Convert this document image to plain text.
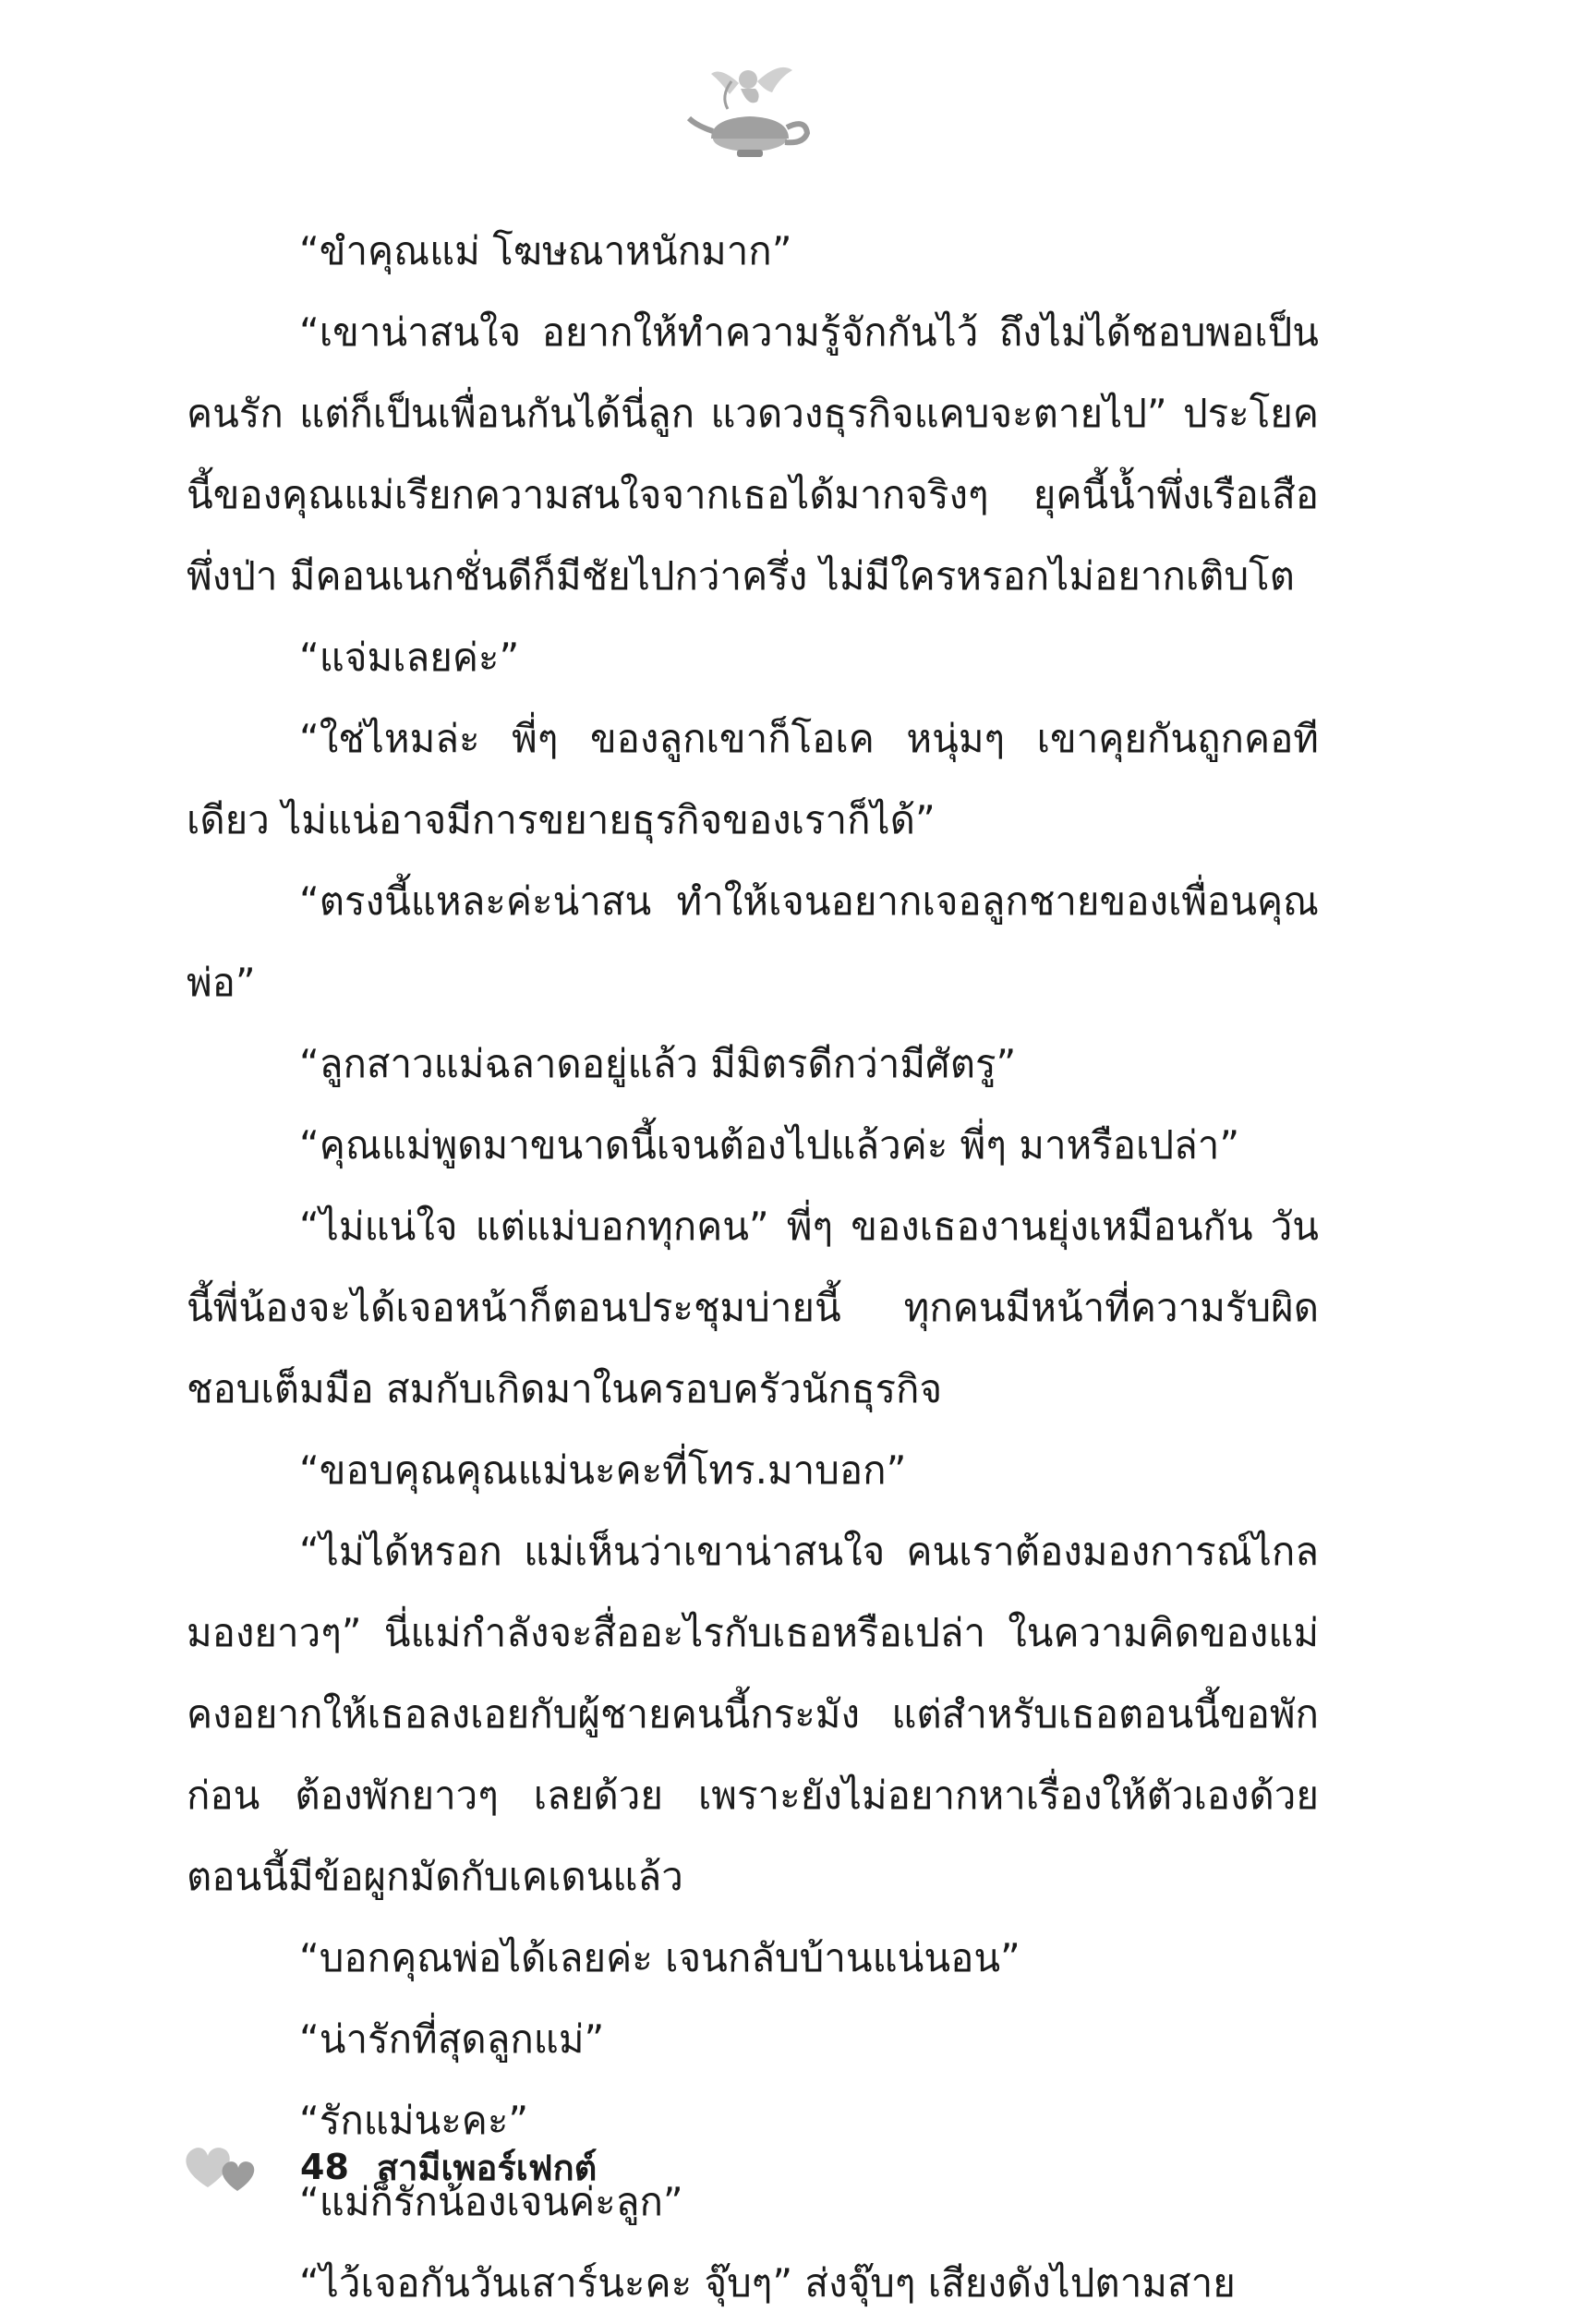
“ขำคุณแม่ โฆษณาหนักมาก”

“เขาน่าสนใจ อยากให้ทำความรู้จักกันไว้ ถึงไม่ได้ชอบพอเป็นคนรัก แต่ก็เป็นเพื่อนกันได้นี่ลูก แวดวงธุรกิจแคบจะตายไป” ประโยคนี้ของคุณแม่เรียกความสนใจจากเธอได้มากจริงๆ ยุคนี้น้ำพึ่งเรือเสือพึ่งป่า มีคอนเนกชั่นดีก็มีชัยไปกว่าครึ่ง ไม่มีใครหรอกไม่อยากเติบโต

“แจ่มเลยค่ะ”

“ใช่ไหมล่ะ พี่ๆ ของลูกเขาก็โอเค หนุ่มๆ เขาคุยกันถูกคอทีเดียว ไม่แน่อาจมีการขยายธุรกิจของเราก็ได้”

“ตรงนี้แหละค่ะน่าสน ทำให้เจนอยากเจอลูกชายของเพื่อนคุณพ่อ”

“ลูกสาวแม่ฉลาดอยู่แล้ว มีมิตรดีกว่ามีศัตรู”

“คุณแม่พูดมาขนาดนี้เจนต้องไปแล้วค่ะ พี่ๆ มาหรือเปล่า”

“ไม่แน่ใจ แต่แม่บอกทุกคน” พี่ๆ ของเธองานยุ่งเหมือนกัน วันนี้พี่น้องจะได้เจอหน้าก็ตอนประชุมบ่ายนี้ ทุกคนมีหน้าที่ความรับผิดชอบเต็มมือ สมกับเกิดมาในครอบครัวนักธุรกิจ

“ขอบคุณคุณแม่นะคะที่โทร.มาบอก”

“ไม่ได้หรอก แม่เห็นว่าเขาน่าสนใจ คนเราต้องมองการณ์ไกล มองยาวๆ” นี่แม่กำลังจะสื่ออะไรกับเธอหรือเปล่า ในความคิดของแม่คงอยากให้เธอลงเอยกับผู้ชายคนนี้กระมัง แต่สำหรับเธอตอนนี้ขอพักก่อน ต้องพักยาวๆ เลยด้วย เพราะยังไม่อยากหาเรื่องให้ตัวเองด้วยตอนนี้มีข้อผูกมัดกับเคเดนแล้ว

“บอกคุณพ่อได้เลยค่ะ เจนกลับบ้านแน่นอน”

“น่ารักที่สุดลูกแม่”

“รักแม่นะคะ”

“แม่ก็รักน้องเจนค่ะลูก”

“ไว้เจอกันวันเสาร์นะคะ จุ๊บๆ” ส่งจุ๊บๆ เสียงดังไปตามสาย

48 สามีเพอร์เฟกต์
